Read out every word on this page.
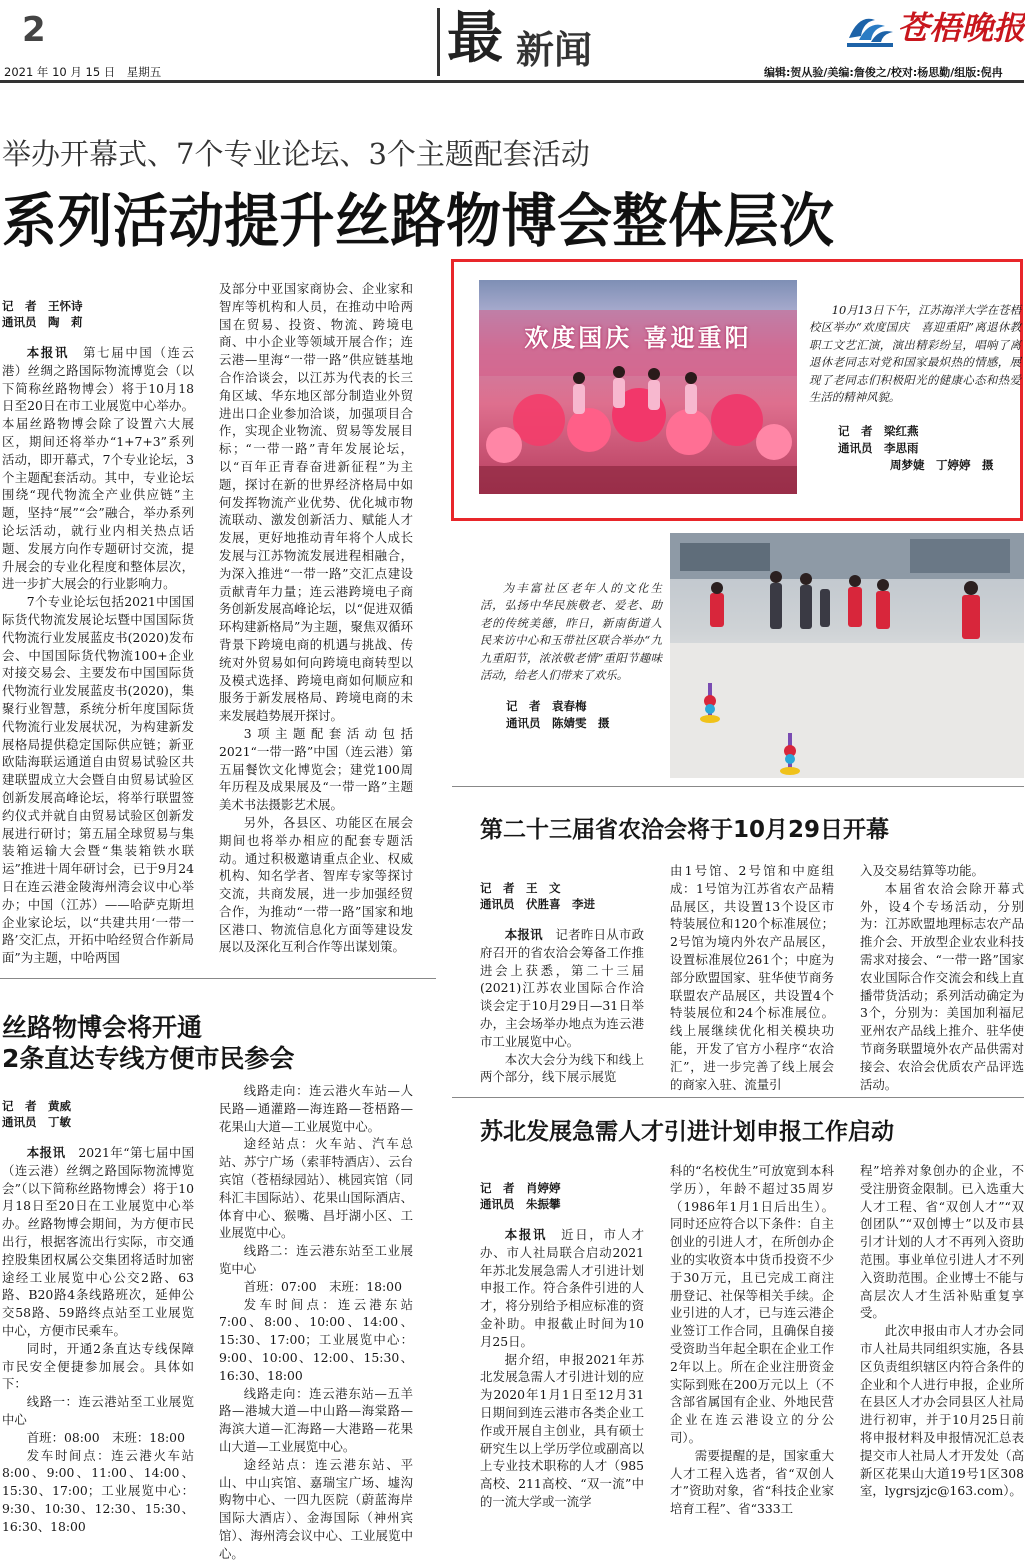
2	最 新闻	苍梧晚报
2021 年 10 月 15 日　星期五	编辑:贺从验/美编:詹俊之/校对:杨思勤/组版:倪冉
举办开幕式、7个专业论坛、3个主题配套活动
系列活动提升丝路物博会整体层次

记　者　王怀诗
通讯员　陶　莉

本报讯　 第七届中国（连云港）丝绸之路国际物流博览会（以下简称丝路物博会）将于10月18日至20日在市工业展览中心举办。本届丝路物博会除了设置六大展区，期间还将举办“1+7+3”系列活动，即开幕式，7个专业论坛，3个主题配套活动。其中，专业论坛围绕“现代物流全产业供应链”主题，坚持“展”“会”融合，举办系列论坛活动，就行业内相关热点话题、发展方向作专题研讨交流，提升展会的专业化程度和整体层次，进一步扩大展会的行业影响力。

7个专业论坛包括2021中国国际货代物流发展论坛暨中国国际货代物流行业发展蓝皮书(2020)发布会、中国国际货代物流100+企业对接交易会、主要发布中国国际货代物流行业发展蓝皮书(2020)，集聚行业智慧，系统分析年度国际货代物流行业发展状况，为构建新发展格局提供稳定国际供应链；新亚欧陆海联运通道自由贸易试验区共建联盟成立大会暨自由贸易试验区创新发展高峰论坛，将举行联盟签约仪式并就自由贸易试验区创新发展进行研讨；第五届全球贸易与集装箱运输大会暨“集装箱铁水联运”推进十周年研讨会，已于9月24日在连云港金陵海州湾会议中心举办；中国（江苏）——哈萨克斯坦企业家论坛，以“共建共用‘一带一路’交汇点，开拓中哈经贸合作新局面”为主题，中哈两国

及部分中亚国家商协会、企业家和智库等机构和人员，在推动中哈两国在贸易、投资、物流、跨境电商、中小企业等领域开展合作；连云港—里海“一带一路”供应链基地合作洽谈会，以江苏为代表的长三角区域、华东地区部分制造业外贸进出口企业参加洽谈，加强项目合作，实现企业物流、贸易等发展目标；“一带一路”青年发展论坛，以“百年正青春奋进新征程”为主题，探讨在新的世界经济格局中如何发挥物流产业优势、优化城市物流联动、激发创新活力、赋能人才发展，更好地推动青年将个人成长发展与江苏物流发展进程相融合，为深入推进“一带一路”交汇点建设贡献青年力量；连云港跨境电子商务创新发展高峰论坛，以“促进双循环构建新格局”为主题，聚焦双循环背景下跨境电商的机遇与挑战、传统对外贸易如何向跨境电商转型以及模式选择、跨境电商如何顺应和服务于新发展格局、跨境电商的未来发展趋势展开探讨。

3项主题配套活动包括2021“一带一路”中国（连云港）第五届餐饮文化博览会；建党100周年历程及成果展及“一带一路”主题美术书法摄影艺术展。

另外，各县区、功能区在展会期间也将举办相应的配套专题活动。通过积极邀请重点企业、权威机构、知名学者、智库专家等探讨交流，共商发展，进一步加强经贸合作，为推动“一带一路”国家和地区港口、物流信息化方面等建设发展以及深化互利合作等出谋划策。

欢度国庆 喜迎重阳

10月13日下午，江苏海洋大学在苍梧校区举办“欢度国庆　喜迎重阳”离退休教职工文艺汇演，演出精彩纷呈，唱响了离退休老同志对党和国家最炽热的情感，展现了老同志们积极阳光的健康心态和热爱生活的精神风貌。

记　者　梁红燕
通讯员　李思雨
周梦婕　丁婷婷　摄

为丰富社区老年人的文化生活，弘扬中华民族敬老、爱老、助老的传统美德，昨日，新南街道人民来访中心和玉带社区联合举办“九九重阳节，浓浓敬老情”重阳节趣味活动，给老人们带来了欢乐。

记　者　袁春梅
通讯员　陈婧雯　摄
第二十三届省农洽会将于10月29日开幕

记　者　王　文
通讯员　伏胜喜　李进

本报讯　 记者昨日从市政府召开的省农洽会筹备工作推进会上获悉，第二十三届(2021)江苏农业国际合作洽谈会定于10月29日—31日举办，主会场举办地点为连云港市工业展览中心。

本次大会分为线下和线上两个部分，线下展示展览

由1号馆、2号馆和中庭组成：1号馆为江苏省农产品精品展区，共设置13个设区市特装展位和120个标准展位；2号馆为境内外农产品展区，设置标准展位261个；中庭为部分欧盟国家、驻华使节商务联盟农产品展区，共设置4个特装展位和24个标准展位。线上展继续优化相关模块功能，开发了官方小程序“农洽汇”，进一步完善了线上展会的商家入驻、流量引

入及交易结算等功能。

本届省农洽会除开幕式外，设4个专场活动，分别为：江苏欧盟地理标志农产品推介会、开放型企业农业科技需求对接会、“一带一路”国家农业国际合作交流会和线上直播带货活动；系列活动确定为3个，分别为：美国加利福尼亚州农产品线上推介、驻华使节商务联盟境外农产品供需对接会、农洽会优质农产品评选活动。

丝路物博会将开通
2条直达专线方便市民参会

记　者　黄威
通讯员　丁敏

本报讯　 2021年“第七届中国（连云港）丝绸之路国际物流博览会”（以下简称丝路物博会）将于10月18日至20日在工业展览中心举办。丝路物博会期间，为方便市民出行，根据客流出行实际，市交通控股集团权属公交集团将适时加密途经工业展览中心公交2路、63路、B20路4条线路班次，延伸公交58路、59路终点站至工业展览中心，方便市民乘车。

同时，开通2条直达专线保障市民安全便捷参加展会。具体如下：

线路一：连云港站至工业展览中心

首班：08:00　末班：18:00

发车时间点：连云港火车站8:00、9:00、11:00、14:00、15:30、17:00；工业展览中心：9:30、10:30、12:30、15:30、16:30、18:00

线路走向：连云港火车站—人民路—通灌路—海连路—苍梧路—花果山大道—工业展览中心。

途经站点：火车站、汽车总站、苏宁广场（索菲特酒店）、云台宾馆（苍梧绿园站）、桃园宾馆（同科汇丰国际站）、花果山国际酒店、体育中心、猴嘴、昌圩湖小区、工业展览中心。

线路二：连云港东站至工业展览中心

首班：07:00　末班：18:00

发车时间点：连云港东站7:00、8:00、10:00、14:00、15:30、17:00；工业展览中心：9:00、10:00、12:00、15:30、16:30、18:00

线路走向：连云港东站—五羊路—港城大道—中山路—海棠路—海滨大道—汇海路—大港路—花果山大道—工业展览中心。

途经站点：连云港东站、平山、中山宾馆、嘉瑞宝广场、墟沟购物中心、一四九医院（蔚蓝海岸国际大酒店）、金海国际（神州宾馆）、海州湾会议中心、工业展览中心。

苏北发展急需人才引进计划申报工作启动

记　者　肖婷婷
通讯员　朱振攀

本报讯　 近日，市人才办、市人社局联合启动2021年苏北发展急需人才引进计划申报工作。符合条件引进的人才，将分别给予相应标准的资金补助。申报截止时间为10月25日。

据介绍，申报2021年苏北发展急需人才引进计划的应为2020年1月1日至12月31日期间到连云港市各类企业工作或开展自主创业，具有硕士研究生以上学历学位或副高以上专业技术职称的人才（985高校、211高校、“双一流”中的一流大学或一流学

科的“名校优生”可放宽到本科学历），年龄不超过35周岁（1986年1月1日后出生）。同时还应符合以下条件：自主创业的引进人才，在所创办企业的实收资本中货币投资不少于30万元，且已完成工商注册登记、社保等相关手续。企业引进的人才，已与连云港企业签订工作合同，且确保自接受资助当年起全职在企业工作2年以上。所在企业注册资金实际到账在200万元以上（不含部省属国有企业、外地民营企业在连云港设立的分公司）。

需要提醒的是，国家重大人才工程入选者，省“双创人才”资助对象，省“科技企业家培育工程”、省“333工

程”培养对象创办的企业，不受注册资金限制。已入选重大人才工程、省“双创人才”“双创团队”“双创博士”以及市县引才计划的人才不再列入资助范围。事业单位引进人才不列入资助范围。企业博士不能与高层次人才生活补贴重复享受。

此次申报由市人才办会同市人社局共同组织实施，各县区负责组织辖区内符合条件的企业和个人进行申报，企业所在县区人才办会同县区人社局进行初审，并于10月25日前将申报材料及申报情况汇总表提交市人社局人才开发处（高新区花果山大道19号1区308室，lygrsjzjc@163.com）。
